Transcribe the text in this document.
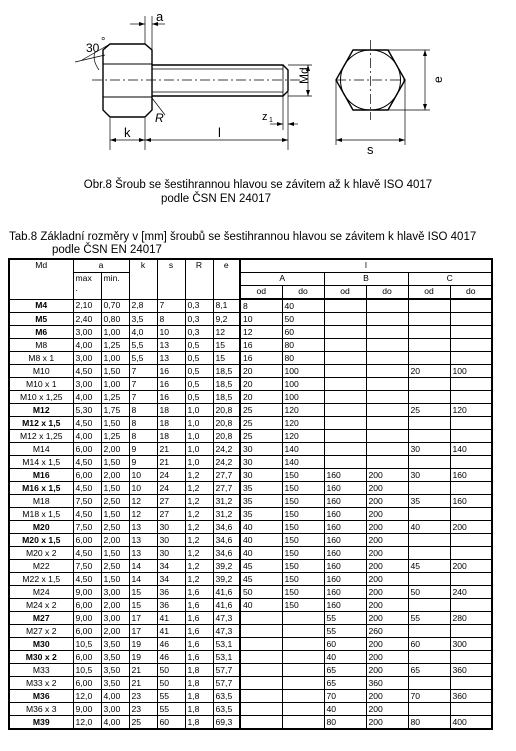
a
30 °
Md	e
R	z 1
k	l
s
Obr.8 Šroub se šestihrannou hlavou se závitem až k hlavě ISO 4017
podle ČSN EN 24017
Tab.8 Základní rozměry v [mm] šroubů se šestihrannou hlavou se závitem k hlavě ISO 4017
podle ČSN EN 24017
Md	a		k	s	R	e	l					
	max
.	min.					A		B		C	
							od	do	od	do	od	do
M4	2,10	0,70	2,8	7	0,3	8,1	8	40				
M5	2,40	0,80	3,5	8	0,3	9,2	10	50				
M6	3,00	1,00	4,0	10	0,3	12	12	60				
M8	4,00	1,25	5,5	13	0,5	15	16	80				
M8 x 1	3,00	1,00	5,5	13	0,5	15	16	80				
M10	4,50	1,50	7	16	0,5	18,5	20	100			20	100
M10 x 1	3,00	1,00	7	16	0,5	18,5	20	100				
M10 x 1,25	4,00	1,25	7	16	0,5	18,5	20	100				
M12	5,30	1,75	8	18	1,0	20,8	25	120			25	120
M12 x 1,5	4,50	1,50	8	18	1,0	20,8	25	120				
M12 x 1,25	4,00	1,25	8	18	1,0	20,8	25	120				
M14	6,00	2,00	9	21	1,0	24,2	30	140			30	140
M14 x 1,5	4,50	1,50	9	21	1,0	24,2	30	140				
M16	6,00	2,00	10	24	1,2	27,7	30	150	160	200	30	160
M16 x 1,5	4,50	1,50	10	24	1,2	27,7	35	150	160	200		
M18	7,50	2,50	12	27	1,2	31,2	35	150	160	200	35	160
M18 x 1,5	4,50	1,50	12	27	1,2	31,2	35	150	160	200		
M20	7,50	2,50	13	30	1,2	34,6	40	150	160	200	40	200
M20 x 1,5	6,00	2,00	13	30	1,2	34,6	40	150	160	200		
M20 x 2	4,50	1,50	13	30	1,2	34,6	40	150	160	200		
M22	7,50	2,50	14	34	1,2	39,2	45	150	160	200	45	200
M22 x 1,5	4,50	1,50	14	34	1,2	39,2	45	150	160	200		
M24	9,00	3,00	15	36	1,6	41,6	50	150	160	200	50	240
M24 x 2	6,00	2,00	15	36	1,6	41,6	40	150	160	200		
M27	9,00	3,00	17	41	1,6	47,3			55	200	55	280
M27 x 2	6,00	2,00	17	41	1,6	47,3			55	260		
M30	10,5	3,50	19	46	1,6	53,1			60	200	60	300
M30 x 2	6,00	3,50	19	46	1,6	53,1			40	200		
M33	10,5	3,50	21	50	1,8	57,7			65	200	65	360
M33 x 2	6,00	3,50	21	50	1,8	57,7			65	360		
M36	12,0	4,00	23	55	1,8	63,5			70	200	70	360
M36 x 3	9,00	3,00	23	55	1,8	63,5			40	200		
M39	12,0	4,00	25	60	1,8	69,3			80	200	80	400
